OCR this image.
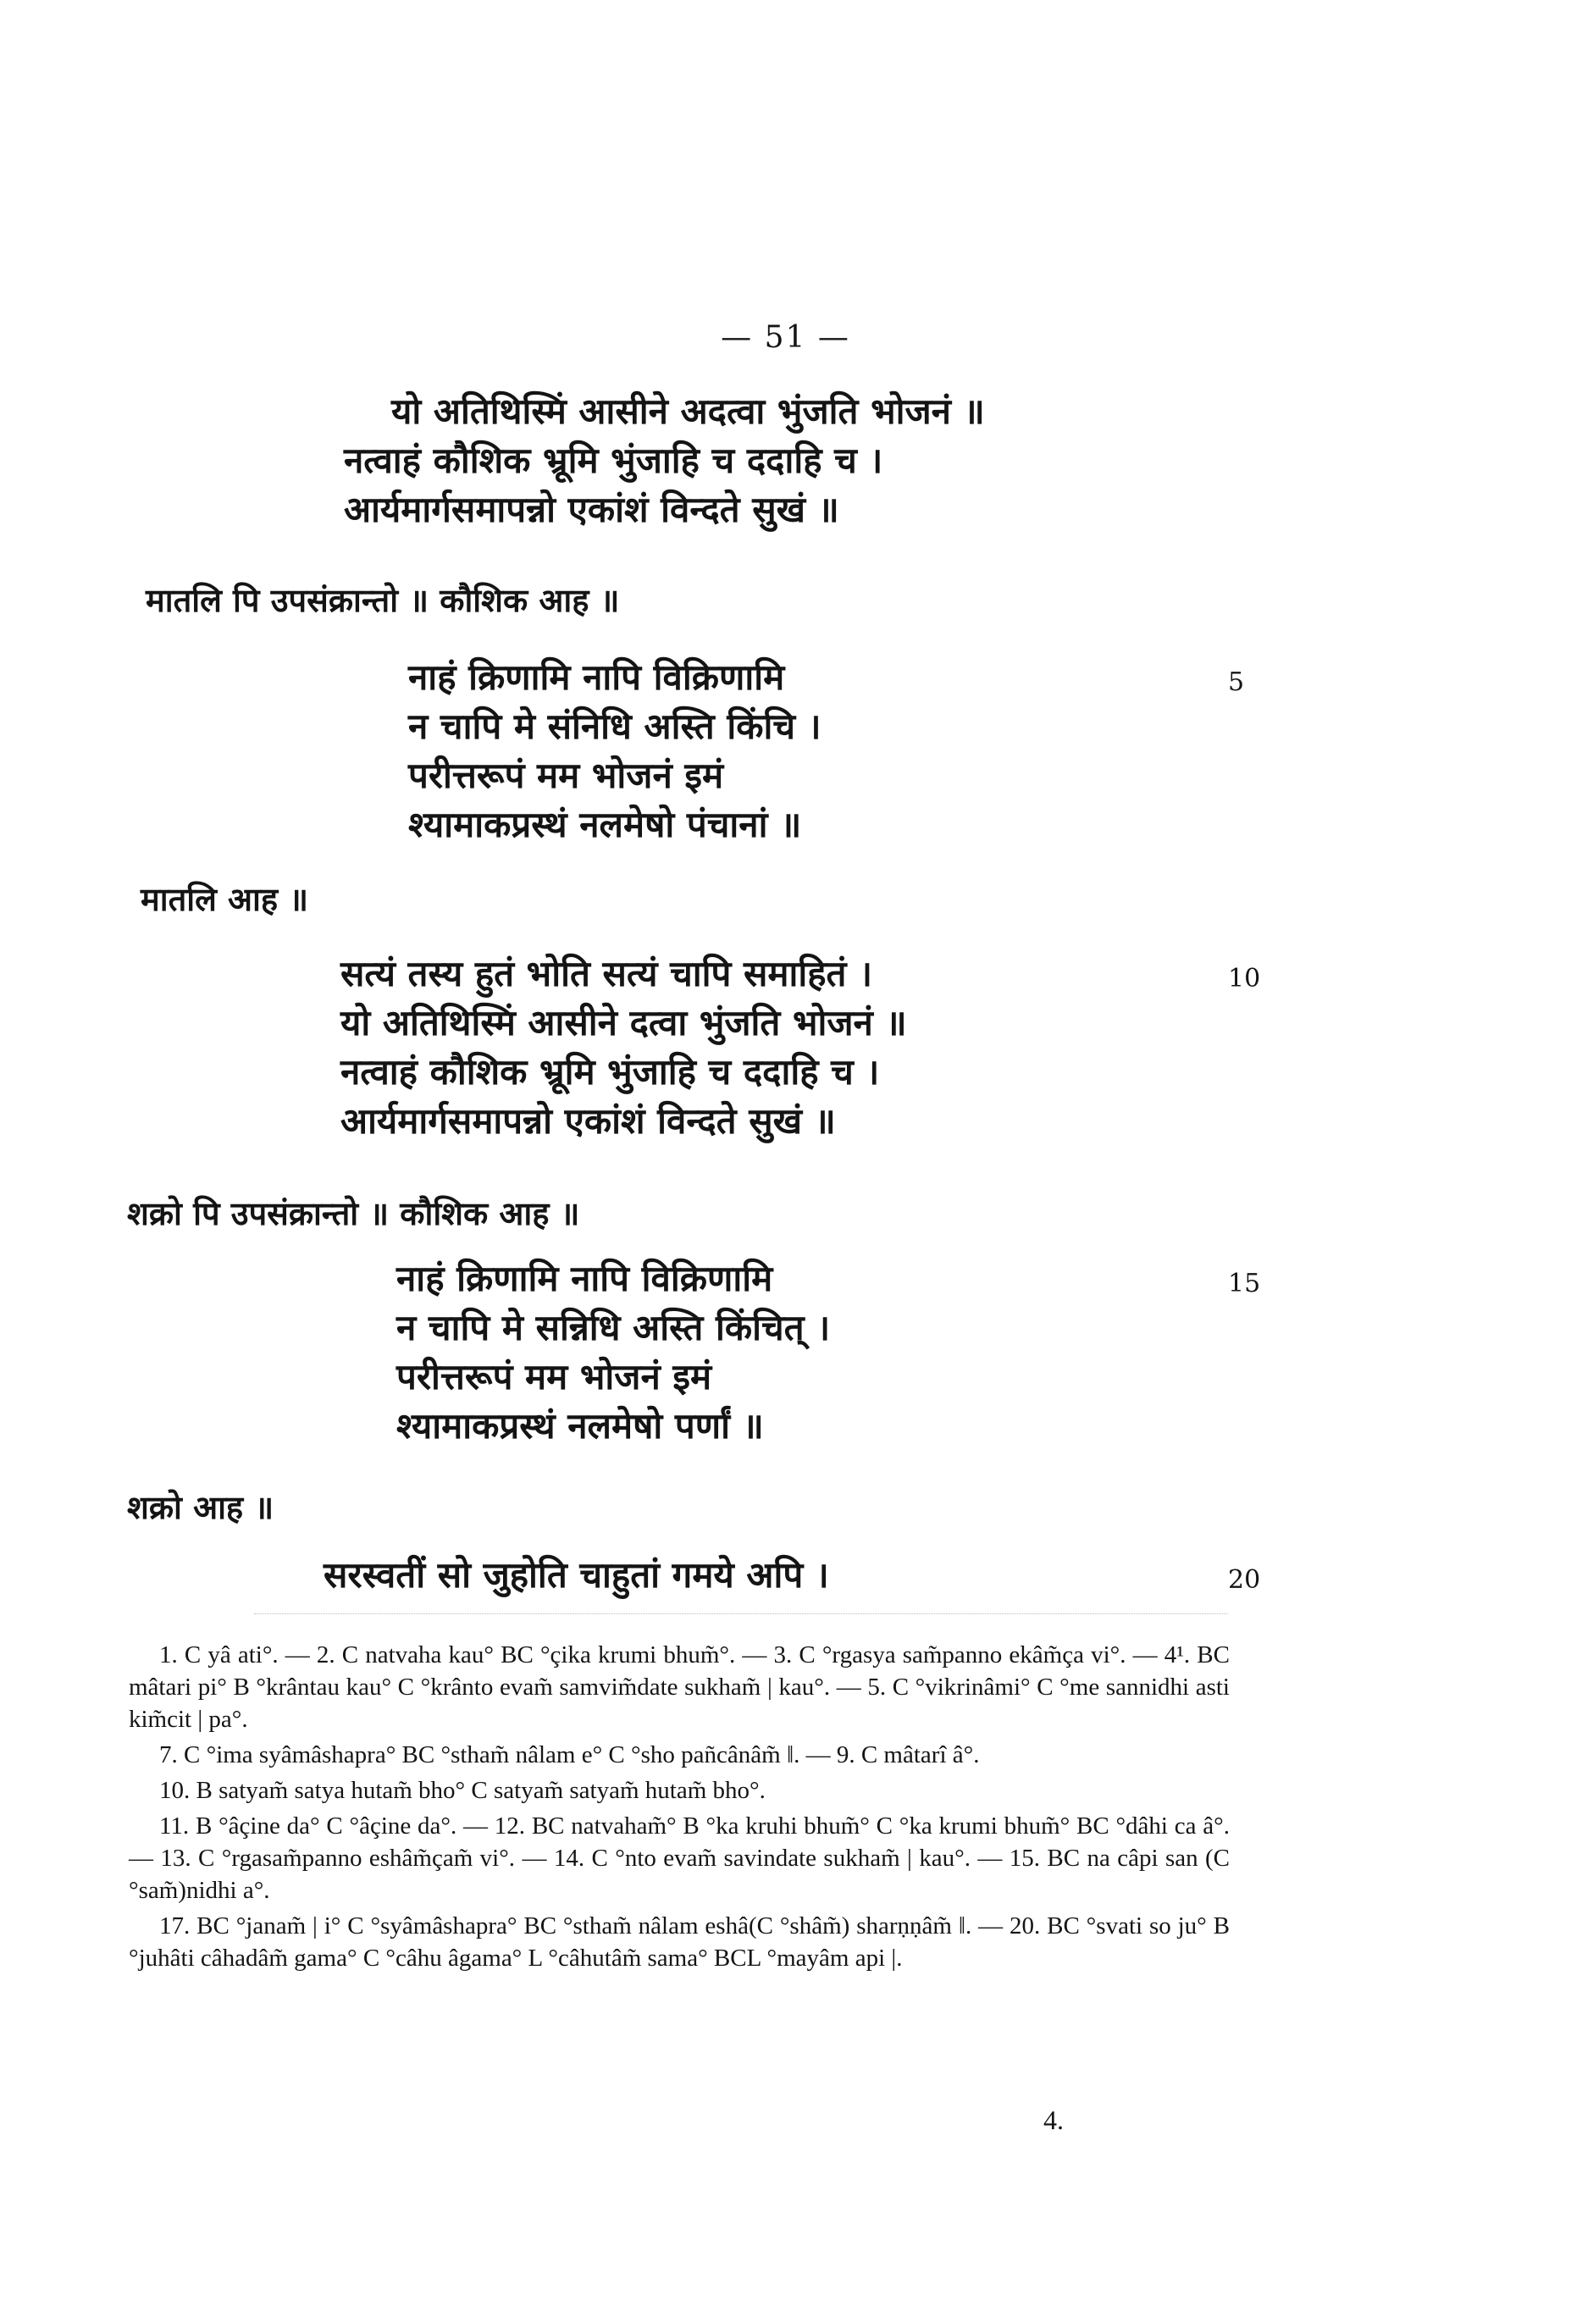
— 51 —
यो अतिथिस्मिं आसीने अदत्वा भुंजति भोजनं ॥
नत्वाहं कौशिक भ्रूमि भुंजाहि च ददाहि च ।
आर्यमार्गसमापन्नो एकांशं विन्दते सुखं ॥
मातलि पि उपसंक्रान्तो ॥ कौशिक आह ॥
नाहं क्रिणामि नापि विक्रिणामि	5
न चापि मे संनिधि अस्ति किंचि ।
परीत्तरूपं मम भोजनं इमं
श्यामाकप्रस्थं नलमेषो पंचानां ॥
मातलि आह ॥
सत्यं तस्य हुतं भोति सत्यं चापि समाहितं ।	10
यो अतिथिस्मिं आसीने दत्वा भुंजति भोजनं ॥
नत्वाहं कौशिक भ्रूमि भुंजाहि च ददाहि च ।
आर्यमार्गसमापन्नो एकांशं विन्दते सुखं ॥
शक्रो पि उपसंक्रान्तो ॥ कौशिक आह ॥
नाहं क्रिणामि नापि विक्रिणामि	15
न चापि मे सन्निधि अस्ति किंचित् ।
परीत्तरूपं मम भोजनं इमं
श्यामाकप्रस्थं नलमेषो पर्णां ॥
शक्रो आह ॥
सरस्वतीं सो जुहोति चाहुतां गमये अपि ।	20

1. C yâ ati°. — 2. C natvaha kau° BC °çika krumi bhum̃°. — 3. C °rgasya sam̃panno ekâm̃ça vi°. — 4¹. BC mâtari pi° B °krântau kau° C °krânto evam̃ samvim̃date sukham̃ | kau°. — 5. C °vikrinâmi° C °me sannidhi asti kim̃cit | pa°.

7. C °ima syâmâshapra° BC °stham̃ nâlam e° C °sho pañcânâm̃ ‖. — 9. C mâtarî â°.

10. B satyam̃ satya hutam̃ bho° C satyam̃ satyam̃ hutam̃ bho°.

11. B °âçine da° C °âçine da°. — 12. BC natvaham̃° B °ka kruhi bhum̃° C °ka krumi bhum̃° BC °dâhi ca â°. — 13. C °rgasam̃panno eshâm̃çam̃ vi°. — 14. C °nto evam̃ savindate sukham̃ | kau°. — 15. BC na câpi san (C °sam̃)nidhi a°.

17. BC °janam̃ | i° C °syâmâshapra° BC °stham̃ nâlam eshâ(C °shâm̃) sharṇṇâm̃ ‖. — 20. BC °svati so ju° B °juhâti câhadâm̃ gama° C °câhu âgama° L °câhutâm̃ sama° BCL °mayâm api |.

4.
